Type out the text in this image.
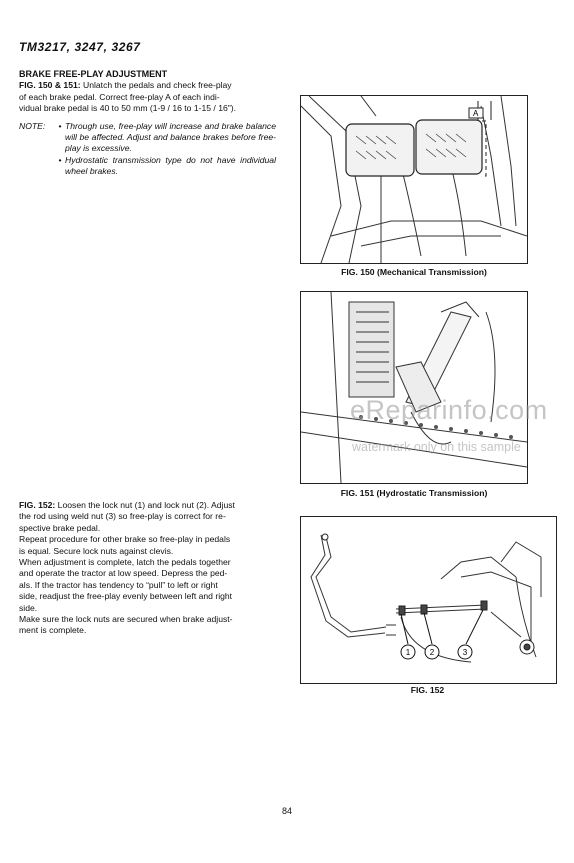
TM3217, 3247, 3267

BRAKE FREE-PLAY ADJUSTMENT

FIG. 150 & 151: Unlatch the pedals and check free-play
of each brake pedal. Correct free-play A of each indi-
vidual brake pedal is 40 to 50 mm (1-9 / 16 to 1-15 / 16").
NOTE:	• Through use, free-play will increase and brake balance will be affected. Adjust and balance brakes before free-play is excessive.
• Hydrostatic transmission type do not have individual wheel brakes.
FIG. 152: Loosen the lock nut (1) and lock nut (2). Adjust
the rod using weld nut (3) so free-play is correct for re-
spective brake pedal.
Repeat procedure for other brake so free-play in pedals
is equal. Secure lock nuts against clevis.
When adjustment is complete, latch the pedals together
and operate the tractor at low speed. Depress the ped-
als. If the tractor has tendency to “pull” to left or right
side, readjust the free-play evenly between left and right
side.
Make sure the lock nuts are secured when brake adjust-
ment is complete.
A
FIG. 150 (Mechanical Transmission)
FIG. 151 (Hydrostatic Transmission)
eReparinfo.com
watermark only on this sample
1 2	3
FIG. 152
84
